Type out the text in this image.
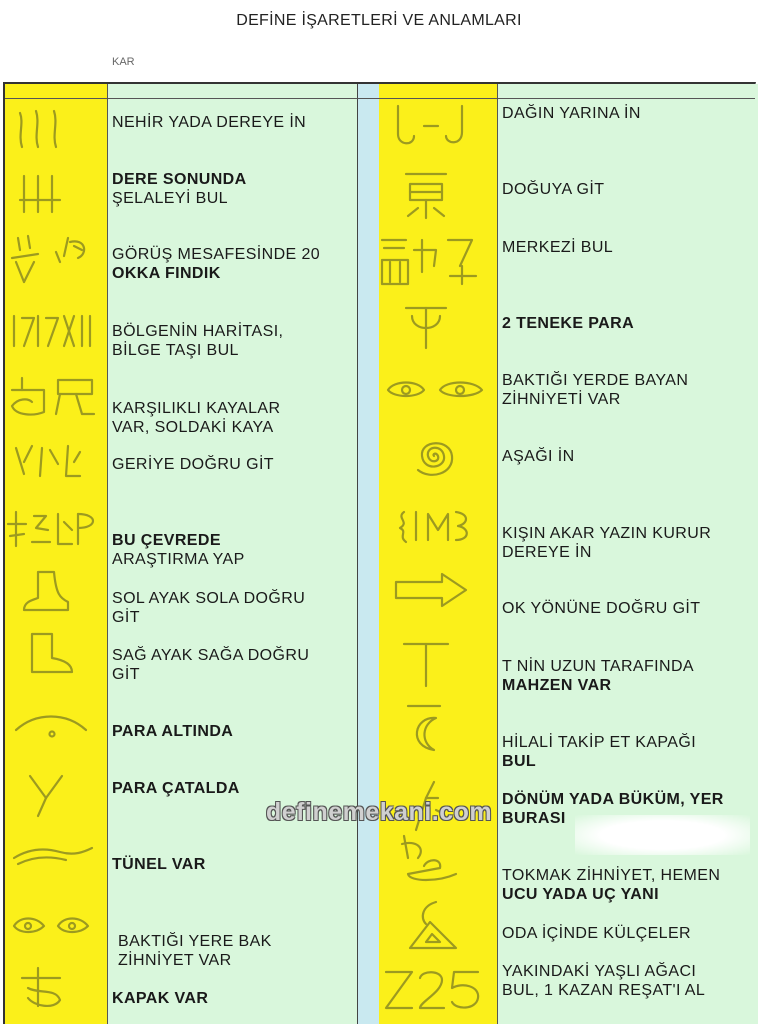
DEFİNE İŞARETLERİ VE ANLAMLARI
KAR
NEHİR YADA DEREYE İN
DERE SONUNDA
ŞELALEYİ BUL
GÖRÜŞ MESAFESİNDE 20
OKKA FINDIK
BÖLGENİN HARİTASI,
BİLGE TAŞI BUL
KARŞILIKLI KAYALAR
VAR, SOLDAKİ KAYA
GERİYE DOĞRU GİT
BU ÇEVREDE
ARAŞTIRMA YAP
SOL AYAK SOLA DOĞRU
GİT
SAĞ AYAK SAĞA DOĞRU
GİT
PARA ALTINDA
PARA ÇATALDA
TÜNEL VAR
BAKTIĞI YERE BAK
ZİHNİYET VAR
KAPAK VAR
DAĞIN YARINA İN
DOĞUYA GİT
MERKEZİ BUL
2 TENEKE PARA
BAKTIĞI YERDE BAYAN
ZİHNİYETİ VAR
AŞAĞI İN
KIŞIN AKAR YAZIN KURUR
DEREYE İN
OK YÖNÜNE DOĞRU GİT
T NİN UZUN TARAFINDA
MAHZEN VAR
HİLALİ TAKİP ET KAPAĞI
BUL
DÖNÜM YADA BÜKÜM, YER
BURASI
TOKMAK ZİHNİYET, HEMEN
UCU YADA UÇ YANI
ODA İÇİNDE KÜLÇELER
YAKINDAKİ YAŞLI AĞACI
BUL, 1 KAZAN REŞAT'I AL
definemekani.com
